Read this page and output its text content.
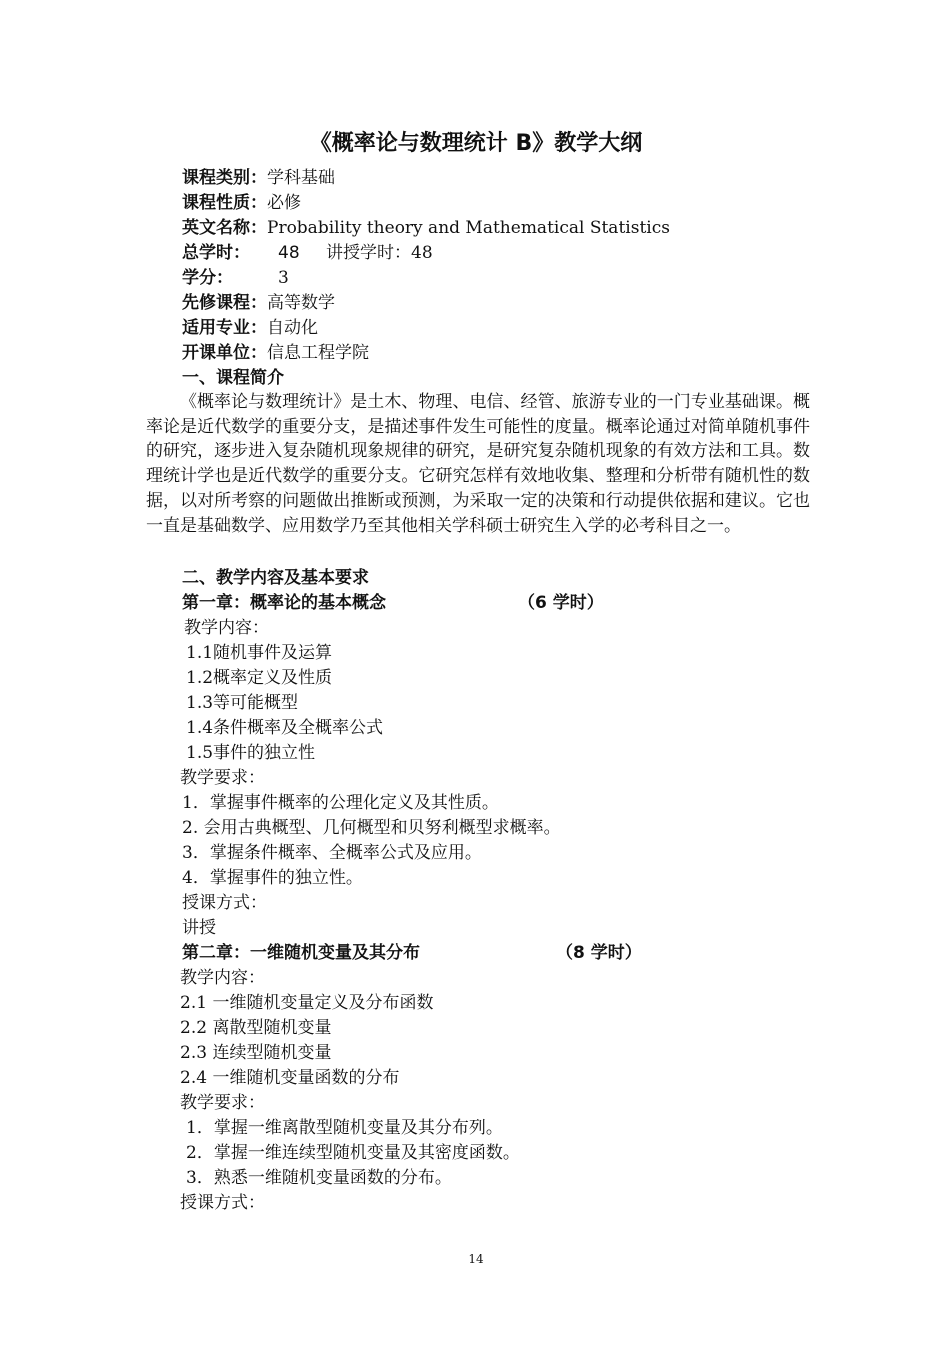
《概率论与数理统计 B》教学大纲
课程类别：学科基础
课程性质：必修
英文名称：Probability theory and Mathematical Statistics
总学时： 48 讲授学时：48
学分：	3
先修课程：高等数学
适用专业：自动化
开课单位：信息工程学院
一、课程简介
《概率论与数理统计》是土木、物理、电信、经管、旅游专业的一门专业基础课。概率论是近代数学的重要分支，是描述事件发生可能性的度量。概率论通过对简单随机事件的研究，逐步进入复杂随机现象规律的研究，是研究复杂随机现象的有效方法和工具。数理统计学也是近代数学的重要分支。它研究怎样有效地收集、整理和分析带有随机性的数据，以对所考察的问题做出推断或预测，为采取一定的决策和行动提供依据和建议。它也一直是基础数学、应用数学乃至其他相关学科硕士研究生入学的必考科目之一。
二、教学内容及基本要求
第一章：概率论的基本概念	（6 学时）
教学内容：
1.1随机事件及运算
1.2概率定义及性质
1.3等可能概型
1.4条件概率及全概率公式
1.5事件的独立性
教学要求：
1．掌握事件概率的公理化定义及其性质。
2. 会用古典概型、几何概型和贝努利概型求概率。
3．掌握条件概率、全概率公式及应用。
4．掌握事件的独立性。
授课方式：
讲授
第二章：一维随机变量及其分布	（8 学时）
教学内容：
2.1 一维随机变量定义及分布函数
2.2 离散型随机变量
2.3 连续型随机变量
2.4 一维随机变量函数的分布
教学要求：
1．掌握一维离散型随机变量及其分布列。
2．掌握一维连续型随机变量及其密度函数。
3．熟悉一维随机变量函数的分布。
授课方式：
14
